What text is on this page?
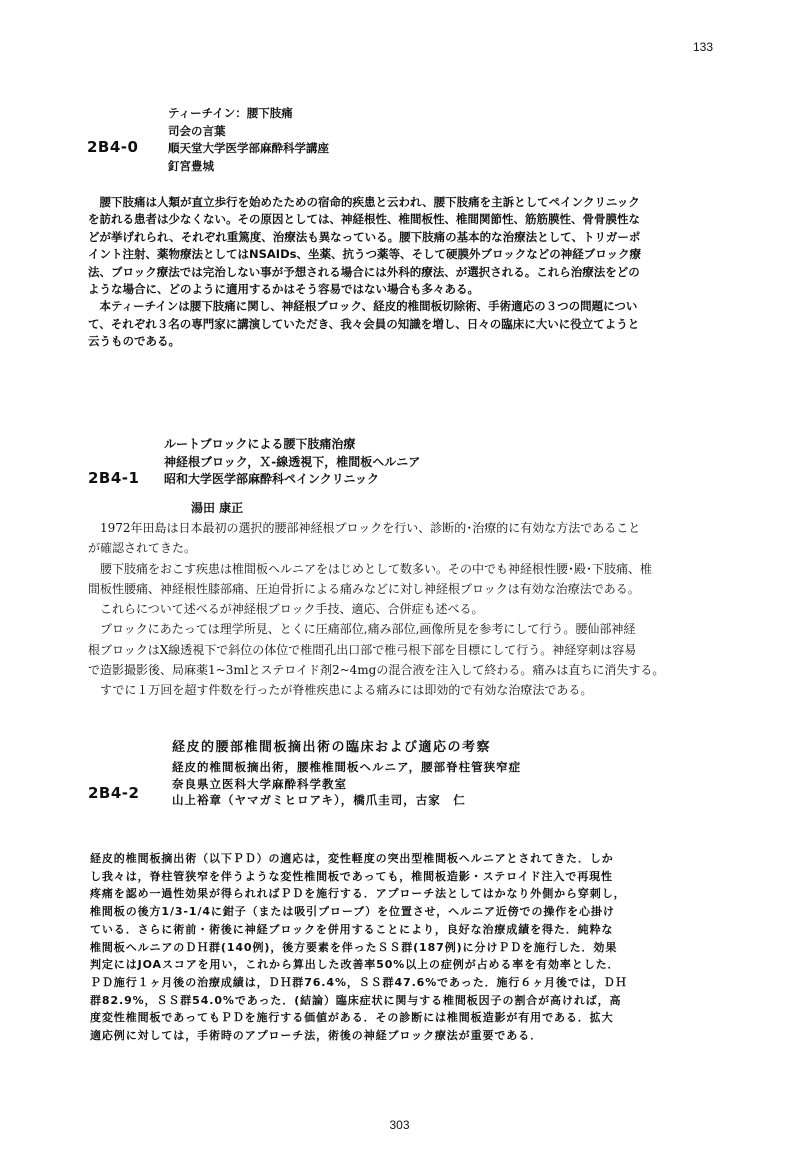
133
ティーチイン：腰下肢痛
司会の言葉
順天堂大学医学部麻酔科学講座
釘宮豊城
2B4-0
　腰下肢痛は人類が直立歩行を始めたための宿命的疾患と云われ、腰下肢痛を主訴としてペインクリニック
を訪れる患者は少なくない。その原因としては、神経根性、椎間板性、椎間関節性、筋筋膜性、骨骨膜性な
どが挙げれられ、それぞれ重篤度、治療法も異なっている。腰下肢痛の基本的な治療法として、トリガーポ
イント注射、薬物療法としてはNSAIDs、坐薬、抗うつ薬等、そして硬膜外ブロックなどの神経ブロック療
法、ブロック療法では完治しない事が予想される場合には外科的療法、が選択される。これら治療法をどの
ような場合に、どのように適用するかはそう容易ではない場合も多々ある。
　本ティーチインは腰下肢痛に関し、神経根ブロック、経皮的椎間板切除術、手術適応の３つの問題につい
て、それぞれ３名の専門家に講演していただき、我々会員の知識を増し、日々の臨床に大いに役立てようと
云うものである。
ルートブロックによる腰下肢痛治療
神経根ブロック，Ｘ-線透視下，椎間板ヘルニア
昭和大学医学部麻酔科ペインクリニック
2B4-1
湯田 康正
　1972年田島は日本最初の選択的腰部神経根ブロックを行い、診断的･治療的に有効な方法であること
が確認されてきた。
　腰下肢痛をおこす疾患は椎間板ヘルニアをはじめとして数多い。その中でも神経根性腰･殿･下肢痛、椎
間板性腰痛、神経根性膝部痛、圧迫骨折による痛みなどに対し神経根ブロックは有効な治療法である。
　これらについて述べるが神経根ブロック手技、適応、合併症も述べる。
　ブロックにあたっては理学所見、とくに圧痛部位,痛み部位,画像所見を参考にして行う。腰仙部神経
根ブロックはX線透視下で斜位の体位で椎間孔出口部で椎弓根下部を目標にして行う。神経穿刺は容易
で造影撮影後、局麻薬1~3mlとステロイド剤2~4mgの混合液を注入して終わる。痛みは直ちに消失する。
　すでに１万回を超す件数を行ったが脊椎疾患による痛みには即効的で有効な治療法である。
経皮的腰部椎間板摘出術の臨床および適応の考察
経皮的椎間板摘出術，腰椎椎間板ヘルニア，腰部脊柱管狭窄症
奈良県立医科大学麻酔科学教室
山上裕章（ヤマガミヒロアキ），橋爪圭司，古家　仁
2B4-2
経皮的椎間板摘出術（以下ＰＤ）の適応は，変性軽度の突出型椎間板ヘルニアとされてきた．しか
し我々は，脊柱管狭窄を伴うような変性椎間板であっても，椎間板造影・ステロイド注入で再現性
疼痛を認め一過性効果が得られればＰＤを施行する．アプローチ法としてはかなり外側から穿刺し，
椎間板の後方1/3-1/4に鉗子（または吸引プローブ）を位置させ，ヘルニア近傍での操作を心掛け
ている．さらに術前・術後に神経ブロックを併用することにより，良好な治療成績を得た．純粋な
椎間板ヘルニアのＤＨ群(140例)，後方要素を伴ったＳＳ群(187例)に分けＰＤを施行した．効果
判定にはJOAスコアを用い，これから算出した改善率50%以上の症例が占める率を有効率とした．
ＰＤ施行１ヶ月後の治療成績は，ＤＨ群76.4%，ＳＳ群47.6%であった．施行６ヶ月後では，ＤＨ
群82.9%，ＳＳ群54.0%であった．(結論）臨床症状に関与する椎間板因子の割合が高ければ，高
度変性椎間板であってもＰＤを施行する価値がある．その診断には椎間板造影が有用である．拡大
適応例に対しては，手術時のアプローチ法，術後の神経ブロック療法が重要である．
303
